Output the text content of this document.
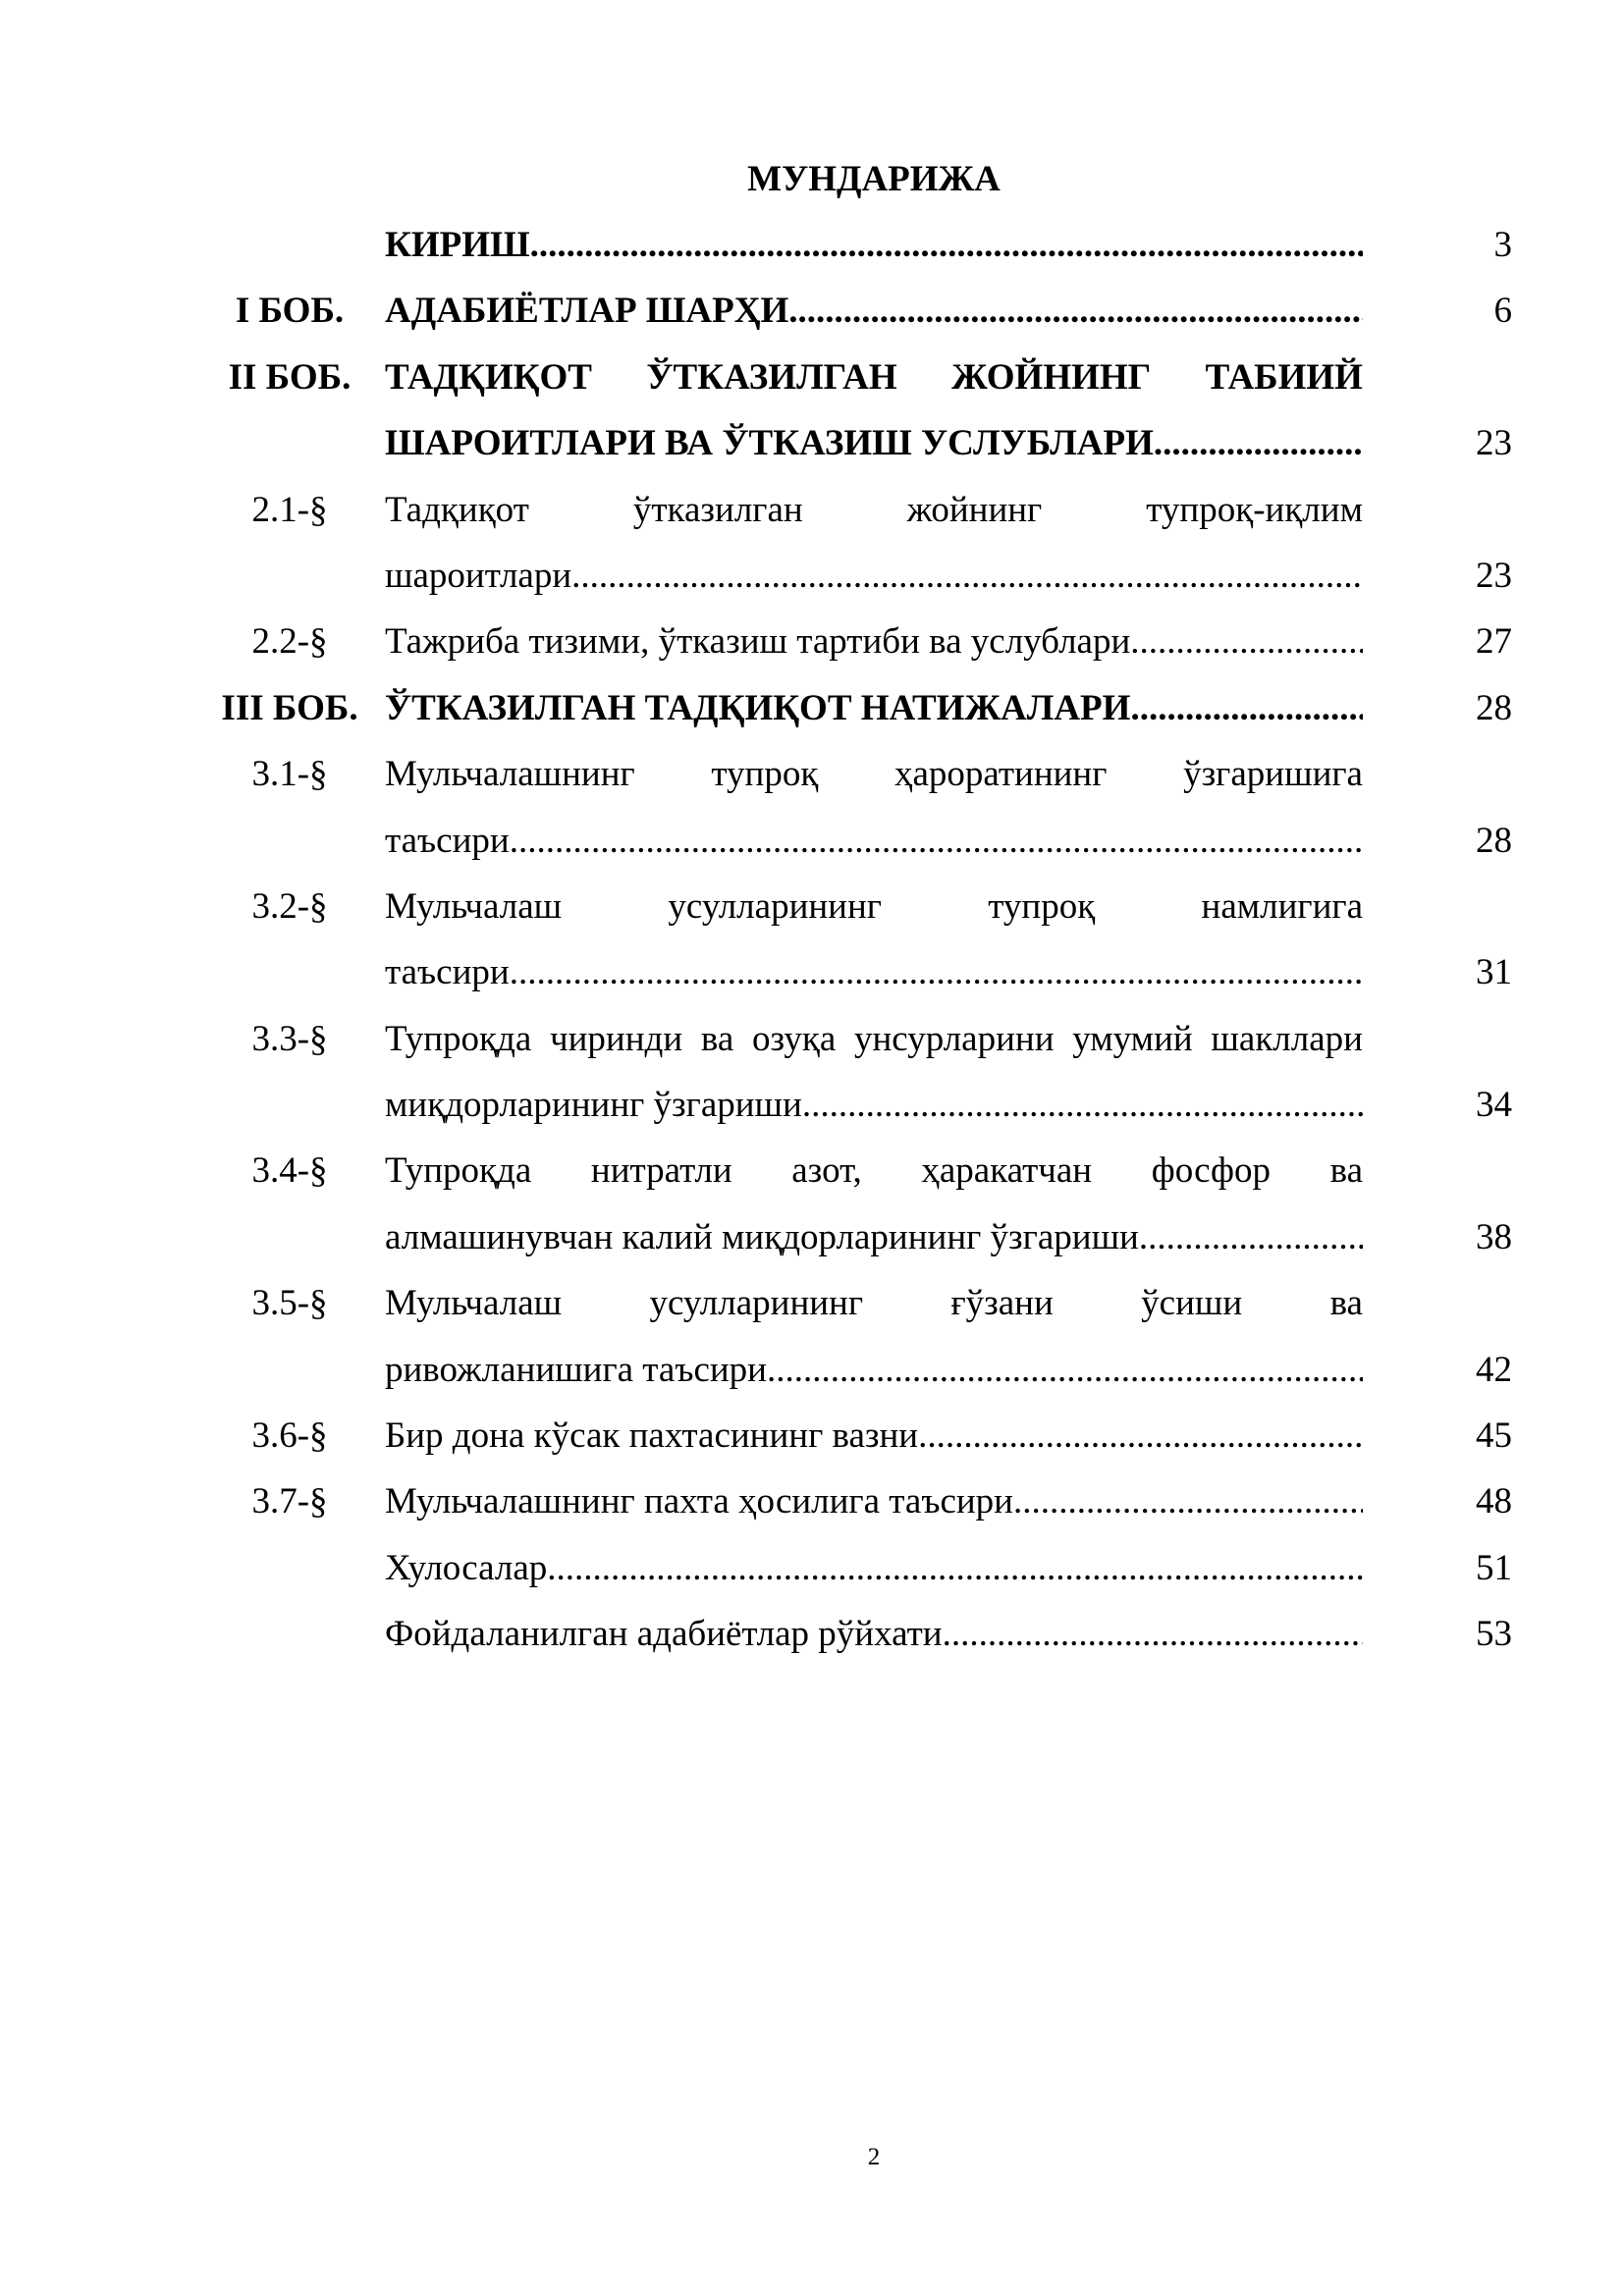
МУНДАРИЖА
КИРИШ .....	3
I БОБ.	АДАБИЁТЛАР ШАРҲИ .....	6
II БОБ. ТАДҚИҚОТ ЎТКАЗИЛГАН ЖОЙНИНГ ТАБИИЙ
ШАРОИТЛАРИ ВА ЎТКАЗИШ УСЛУБЛАРИ .....	23
2.1-§	Тадқиқот	ўтказилган	жойнинг	тупроқ-иқлим
шароитлари .....	23
2.2-§	Тажриба тизими, ўтказиш тартиби ва услублари .....	27
III БОБ. ЎТКАЗИЛГАН ТАДҚИҚОТ НАТИЖАЛАРИ .....	28
3.1-§	Мульчалашнинг тупроқ ҳароратининг ўзгаришига
таъсири .....	28
3.2-§	Мульчалаш	усулларининг	тупроқ	намлигига
таъсири .....	31
3.3-§	Тупроқда чиринди ва озуқа унсурларини умумий шакллари
миқдорларининг ўзгариши .....	34
3.4-§	Тупроқда нитратли азот, ҳаракатчан фосфор ва
алмашинувчан калий миқдорларининг ўзгариши .....	38
3.5-§	Мульчалаш усулларининг ғўзани ўсиши ва
ривожланишига таъсири .....	42
3.6-§	Бир дона кўсак пахтасининг вазни .....	45
3.7-§	Мульчалашнинг пахта ҳосилига таъсири .....	48
Хулосалар .....	51
Фойдаланилган адабиётлар рўйхати .....	53
2
